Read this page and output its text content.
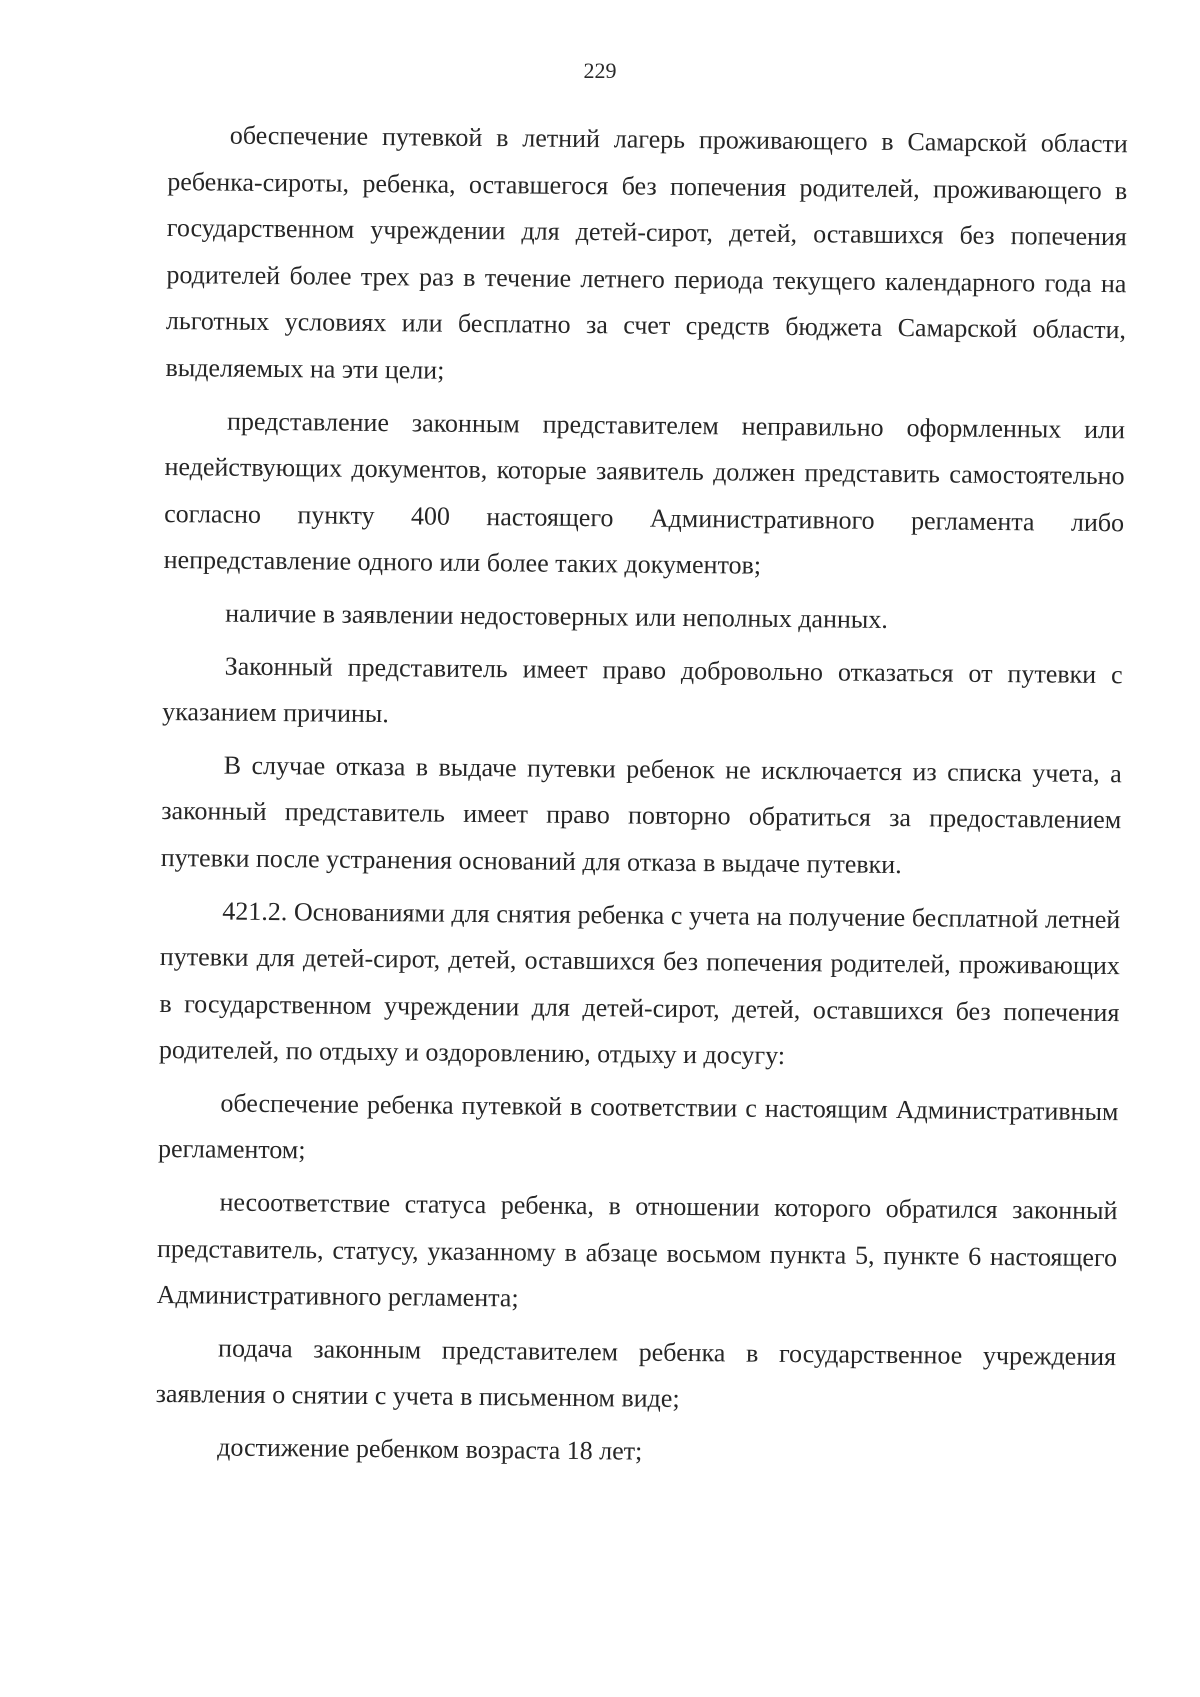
229

обеспечение путевкой в летний лагерь проживающего в Самарской области ребенка-сироты, ребенка, оставшегося без попечения родителей, проживающего в государственном учреждении для детей-сирот, детей, оставшихся без попечения родителей более трех раз в течение летнего периода текущего календарного года на льготных условиях или бесплатно за счет средств бюджета Самарской области, выделяемых на эти цели;

представление законным представителем неправильно оформленных или недействующих документов, которые заявитель должен представить самостоятельно согласно пункту 400 настоящего Административного регламента либо непредставление одного или более таких документов;

наличие в заявлении недостоверных или неполных данных.

Законный представитель имеет право добровольно отказаться от путевки с указанием причины.

В случае отказа в выдаче путевки ребенок не исключается из списка учета, а законный представитель имеет право повторно обратиться за предоставлением путевки после устранения оснований для отказа в выдаче путевки.

421.2. Основаниями для снятия ребенка с учета на получение бесплатной летней путевки для детей-сирот, детей, оставшихся без попечения родителей, проживающих в государственном учреждении для детей-сирот, детей, оставшихся без попечения родителей, по отдыху и оздоровлению, отдыху и досугу:

обеспечение ребенка путевкой в соответствии с настоящим Административным регламентом;

несоответствие статуса ребенка, в отношении которого обратился законный представитель, статусу, указанному в абзаце восьмом пункта 5, пункте 6 настоящего Административного регламента;

подача законным представителем ребенка в государственное учреждения заявления о снятии с учета в письменном виде;

достижение ребенком возраста 18 лет;
